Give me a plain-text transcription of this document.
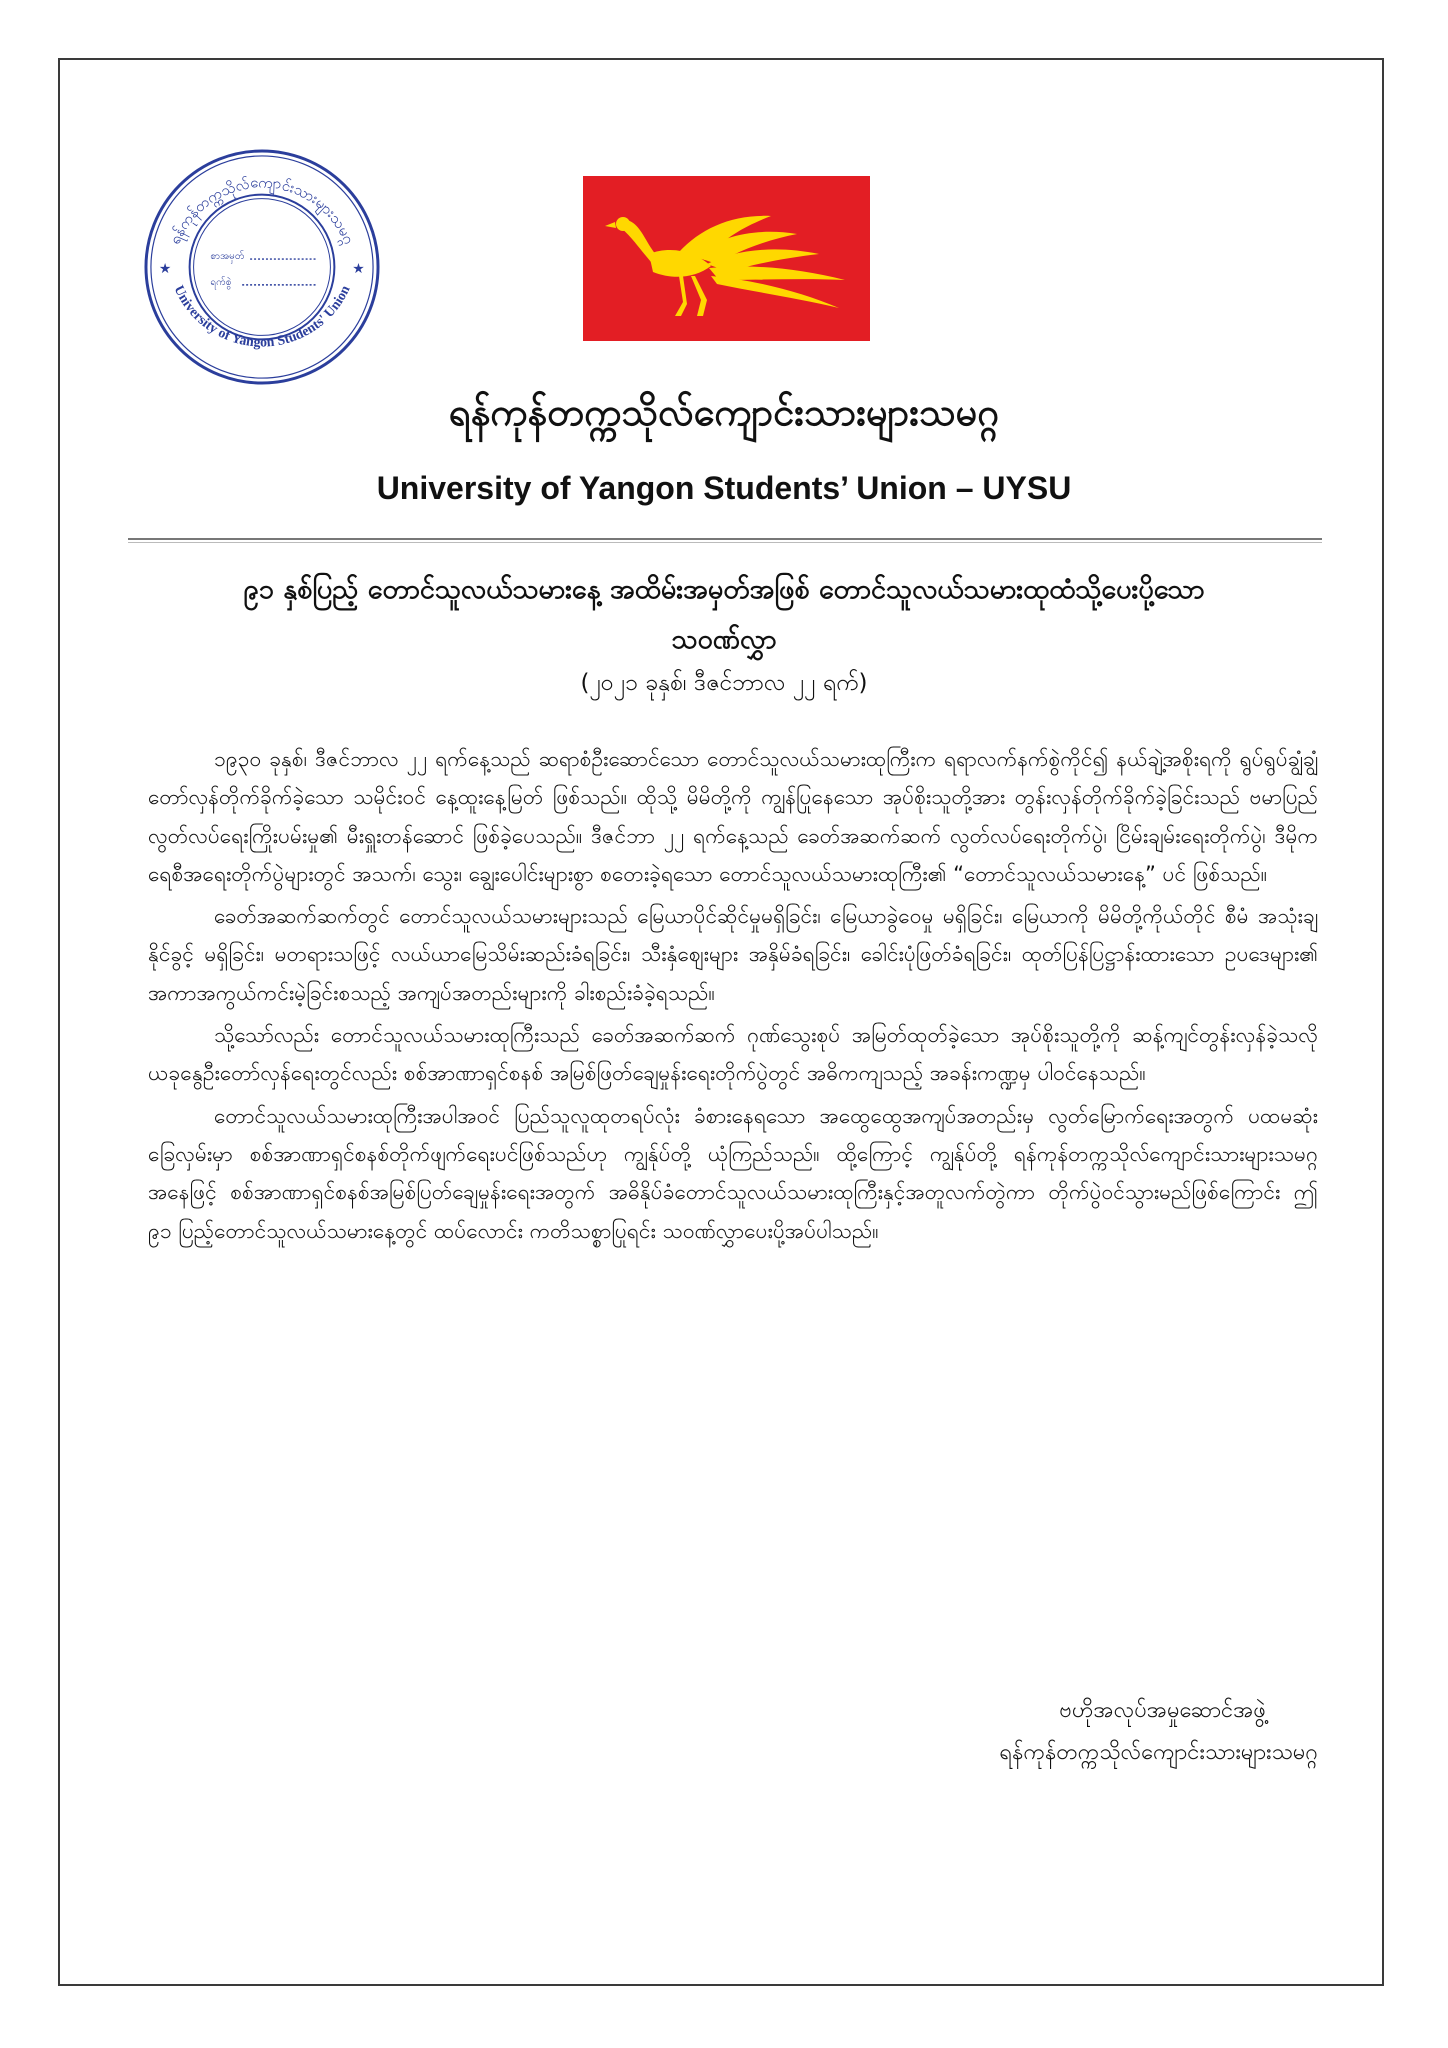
ရန်ကုန်တက္ကသိုလ်ကျောင်းသားများသမဂ္ဂ
University of Yangon Students' Union
★	★
စာအမှတ်
ရက်စွဲ
ရန်ကုန်တက္ကသိုလ်ကျောင်းသားများသမဂ္ဂ
University of Yangon Students’ Union – UYSU
၉၁ နှစ်ပြည့် တောင်သူလယ်သမားနေ့ အထိမ်းအမှတ်အဖြစ် တောင်သူလယ်သမားထုထံသို့ပေးပို့သော
သဝဏ်လွှာ
(၂၀၂၁ ခုနှစ်၊ ဒီဇင်ဘာလ ၂၂ ရက်)

၁၉၃၀ ခုနှစ်၊ ဒီဇင်ဘာလ ၂၂ ရက်နေ့သည် ဆရာစံဦးဆောင်သော တောင်သူလယ်သမားထုကြီးက ရရာလက်နက်စွဲကိုင်၍ နယ်ချဲ့အစိုးရကို ရွပ်ရွပ်ချွံချွံ တော်လှန်တိုက်ခိုက်ခဲ့သော သမိုင်းဝင် နေ့ထူးနေ့မြတ် ဖြစ်သည်။ ထိုသို့ မိမိတို့ကို ကျွန်ပြုနေသော အုပ်စိုးသူတို့အား တွန်းလှန်တိုက်ခိုက်ခဲ့ခြင်းသည် ဗမာပြည်လွတ်လပ်ရေးကြိုးပမ်းမှု၏ မီးရှူးတန်ဆောင် ဖြစ်ခဲ့ပေသည်။ ဒီဇင်ဘာ ၂၂ ရက်နေ့သည် ခေတ်အဆက်ဆက် လွတ်လပ်ရေးတိုက်ပွဲ၊ ငြိမ်းချမ်းရေးတိုက်ပွဲ၊ ဒီမိုကရေစီအရေးတိုက်ပွဲများတွင် အသက်၊ သွေး၊ ချွေးပေါင်းများစွာ စတေးခဲ့ရသော တောင်သူလယ်သမားထုကြီး၏ “တောင်သူလယ်သမားနေ့” ပင် ဖြစ်သည်။

ခေတ်အဆက်ဆက်တွင် တောင်သူလယ်သမားများသည် မြေယာပိုင်ဆိုင်မှုမရှိခြင်း၊ မြေယာခွဲဝေမှု မရှိခြင်း၊ မြေယာကို မိမိတို့ကိုယ်တိုင် စီမံ အသုံးချနိုင်ခွင့် မရှိခြင်း၊ မတရားသဖြင့် လယ်ယာမြေသိမ်းဆည်းခံရခြင်း၊ သီးနှံဈေးများ အနှိမ်ခံရခြင်း၊ ခေါင်းပုံဖြတ်ခံရခြင်း၊ ထုတ်ပြန်ပြဋ္ဌာန်းထားသော ဥပဒေများ၏ အကာအကွယ်ကင်းမဲ့ခြင်းစသည့် အကျပ်အတည်းများကို ခါးစည်းခံခဲ့ရသည်။

သို့သော်လည်း တောင်သူလယ်သမားထုကြီးသည် ခေတ်အဆက်ဆက် ဂုဏ်သွေးစုပ် အမြတ်ထုတ်ခဲ့သော အုပ်စိုးသူတို့ကို ဆန့်ကျင်တွန်းလှန်ခဲ့သလို ယခုနွေဦးတော်လှန်ရေးတွင်လည်း စစ်အာဏာရှင်စနစ် အမြစ်ဖြတ်ချေမှုန်းရေးတိုက်ပွဲတွင် အဓိကကျသည့် အခန်းကဏ္ဍမှ ပါဝင်နေသည်။

တောင်သူလယ်သမားထုကြီးအပါအဝင် ပြည်သူလူထုတရပ်လုံး ခံစားနေရသော အထွေထွေအကျပ်အတည်းမှ လွတ်မြောက်ရေးအတွက် ပထမဆုံးခြေလှမ်းမှာ စစ်အာဏာရှင်စနစ်တိုက်ဖျက်ရေးပင်ဖြစ်သည်ဟု ကျွန်ုပ်တို့ ယုံကြည်သည်။ ထို့ကြောင့် ကျွန်ုပ်တို့ ရန်ကုန်တက္ကသိုလ်ကျောင်းသားများသမဂ္ဂအနေဖြင့် စစ်အာဏာရှင်စနစ်အမြစ်ပြတ်ချေမှုန်းရေးအတွက် အဓိနိုပ်ခံတောင်သူလယ်သမားထုကြီးနှင့်အတူလက်တွဲကာ တိုက်ပွဲဝင်သွားမည်ဖြစ်ကြောင်း ဤ ၉၁ ပြည့်တောင်သူလယ်သမားနေ့တွင် ထပ်လောင်း ကတိသစ္စာပြုရင်း သဝဏ်လွှာပေးပို့အပ်ပါသည်။

ဗဟိုအလုပ်အမှုဆောင်အဖွဲ့
ရန်ကုန်တက္ကသိုလ်ကျောင်းသားများသမဂ္ဂ
